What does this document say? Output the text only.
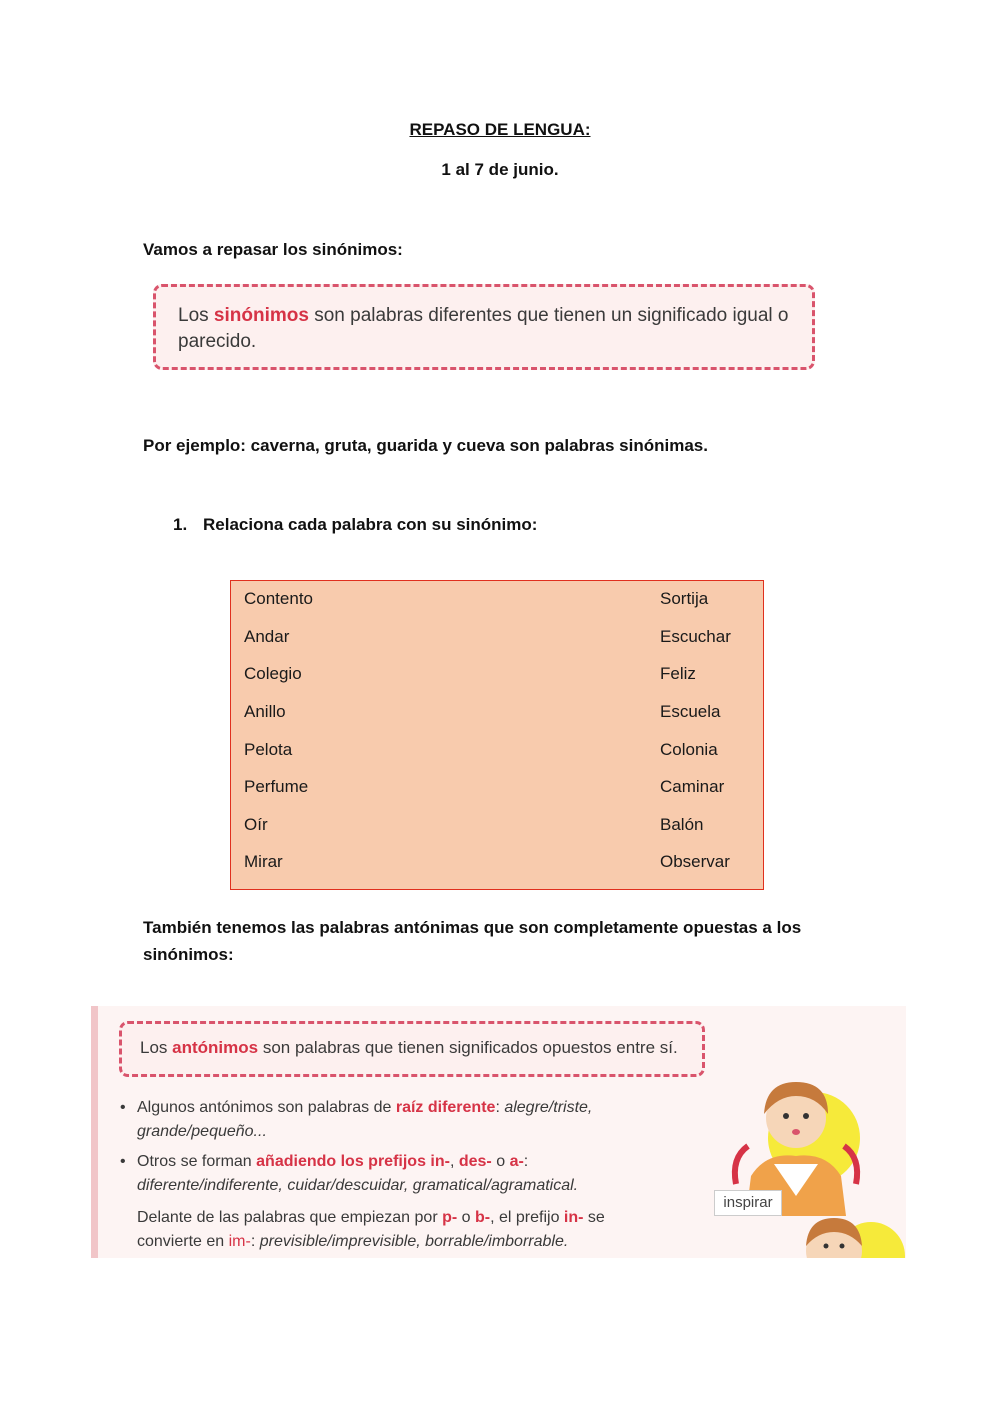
REPASO DE LENGUA:
1 al 7 de junio.
Vamos a repasar los sinónimos:
Los sinónimos son palabras diferentes que tienen un significado igual o parecido.
Por ejemplo: caverna, gruta, guarida y cueva son palabras sinónimas.
1. Relaciona cada palabra con su sinónimo:
Contento
Andar
Colegio
Anillo
Pelota
Perfume
Oír
Mirar
Sortija
Escuchar
Feliz
Escuela
Colonia
Caminar
Balón
Observar
También tenemos las palabras antónimas que son completamente opuestas a los sinónimos:
Los antónimos son palabras que tienen significados opuestos entre sí.
• Algunos antónimos son palabras de raíz diferente: alegre/triste,
grande/pequeño...
• Otros se forman añadiendo los prefijos in-, des- o a-:
diferente/indiferente, cuidar/descuidar, gramatical/agramatical.
Delante de las palabras que empiezan por p- o b-, el prefijo in- se
convierte en im-: previsible/imprevisible, borrable/imborrable.
inspirar
